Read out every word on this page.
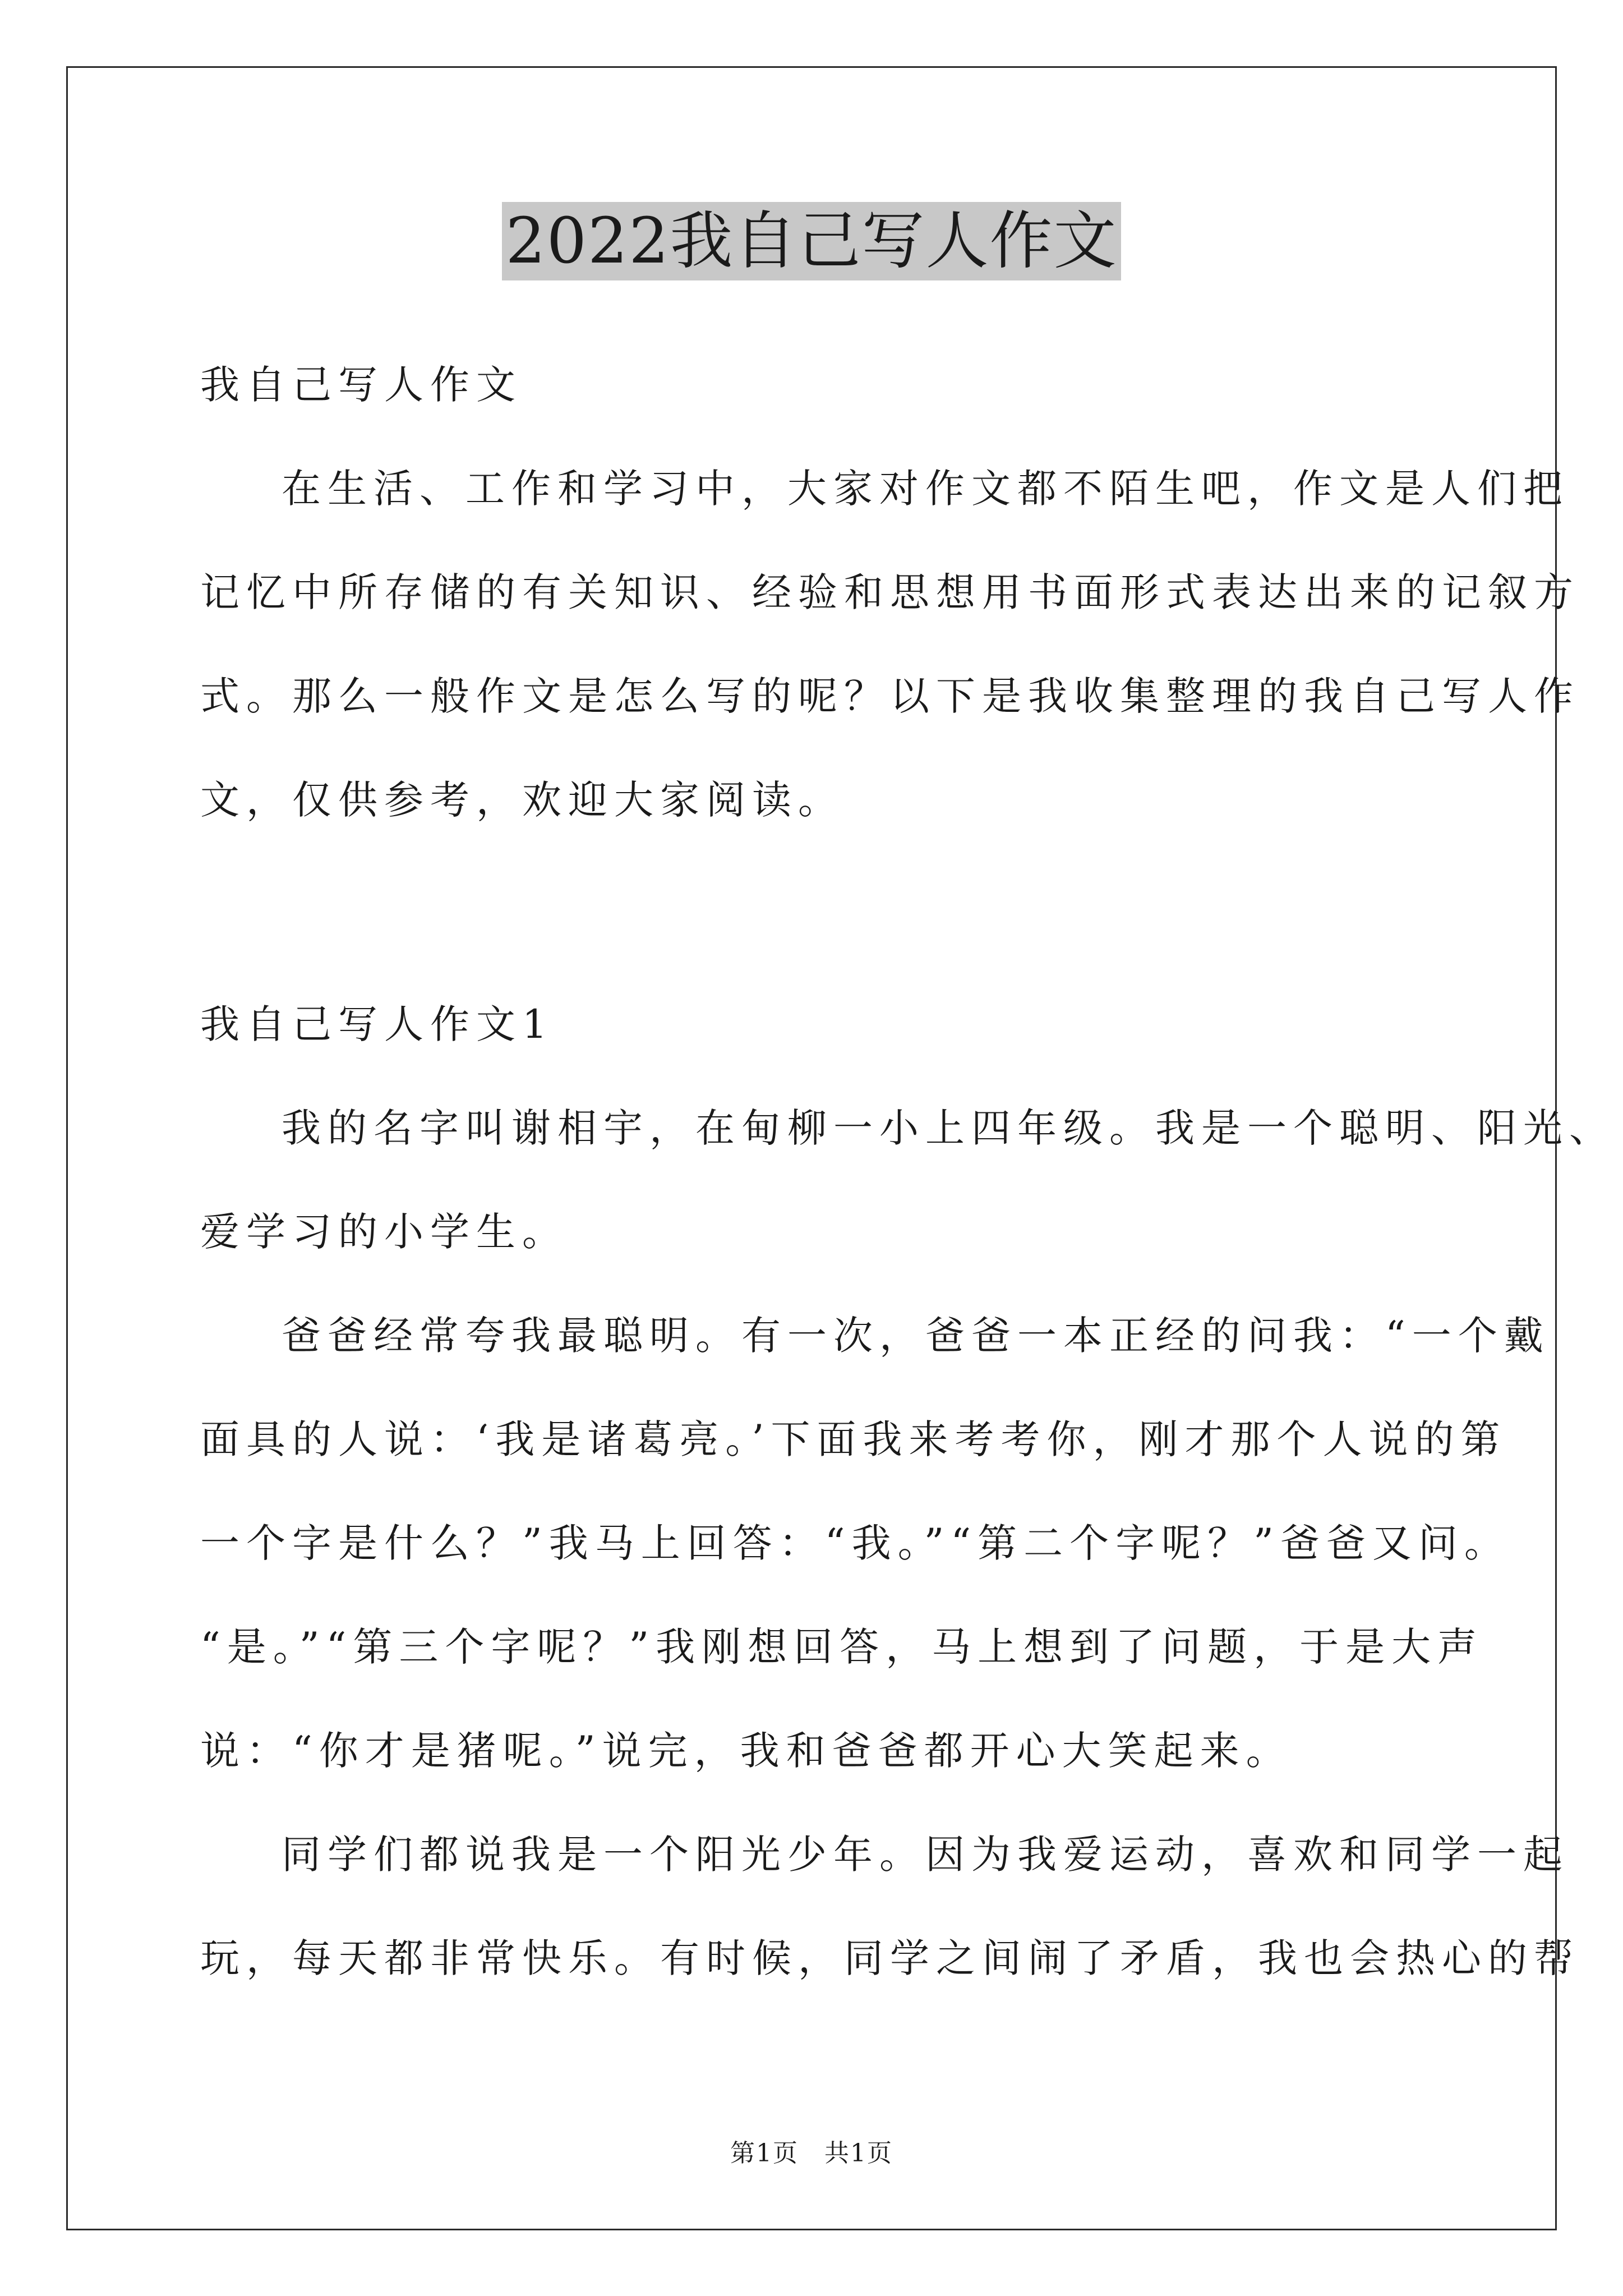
2022我自己写人作文
我自己写人作文
在生活、工作和学习中，大家对作文都不陌生吧，作文是人们把
记忆中所存储的有关知识、经验和思想用书面形式表达出来的记叙方
式。那么一般作文是怎么写的呢？以下是我收集整理的我自己写人作
文，仅供参考，欢迎大家阅读。
我自己写人作文1
我的名字叫谢相宇，在甸柳一小上四年级。我是一个聪明、阳光、
爱学习的小学生。
爸爸经常夸我最聪明。有一次，爸爸一本正经的问我：“一个戴
面具的人说：‘我是诸葛亮。’下面我来考考你，刚才那个人说的第
一个字是什么？”我马上回答：“我。”“第二个字呢？”爸爸又问。
“是。”“第三个字呢？”我刚想回答，马上想到了问题，于是大声
说：“你才是猪呢。”说完，我和爸爸都开心大笑起来。
同学们都说我是一个阳光少年。因为我爱运动，喜欢和同学一起
玩，每天都非常快乐。有时候，同学之间闹了矛盾，我也会热心的帮
第1页　共1页
